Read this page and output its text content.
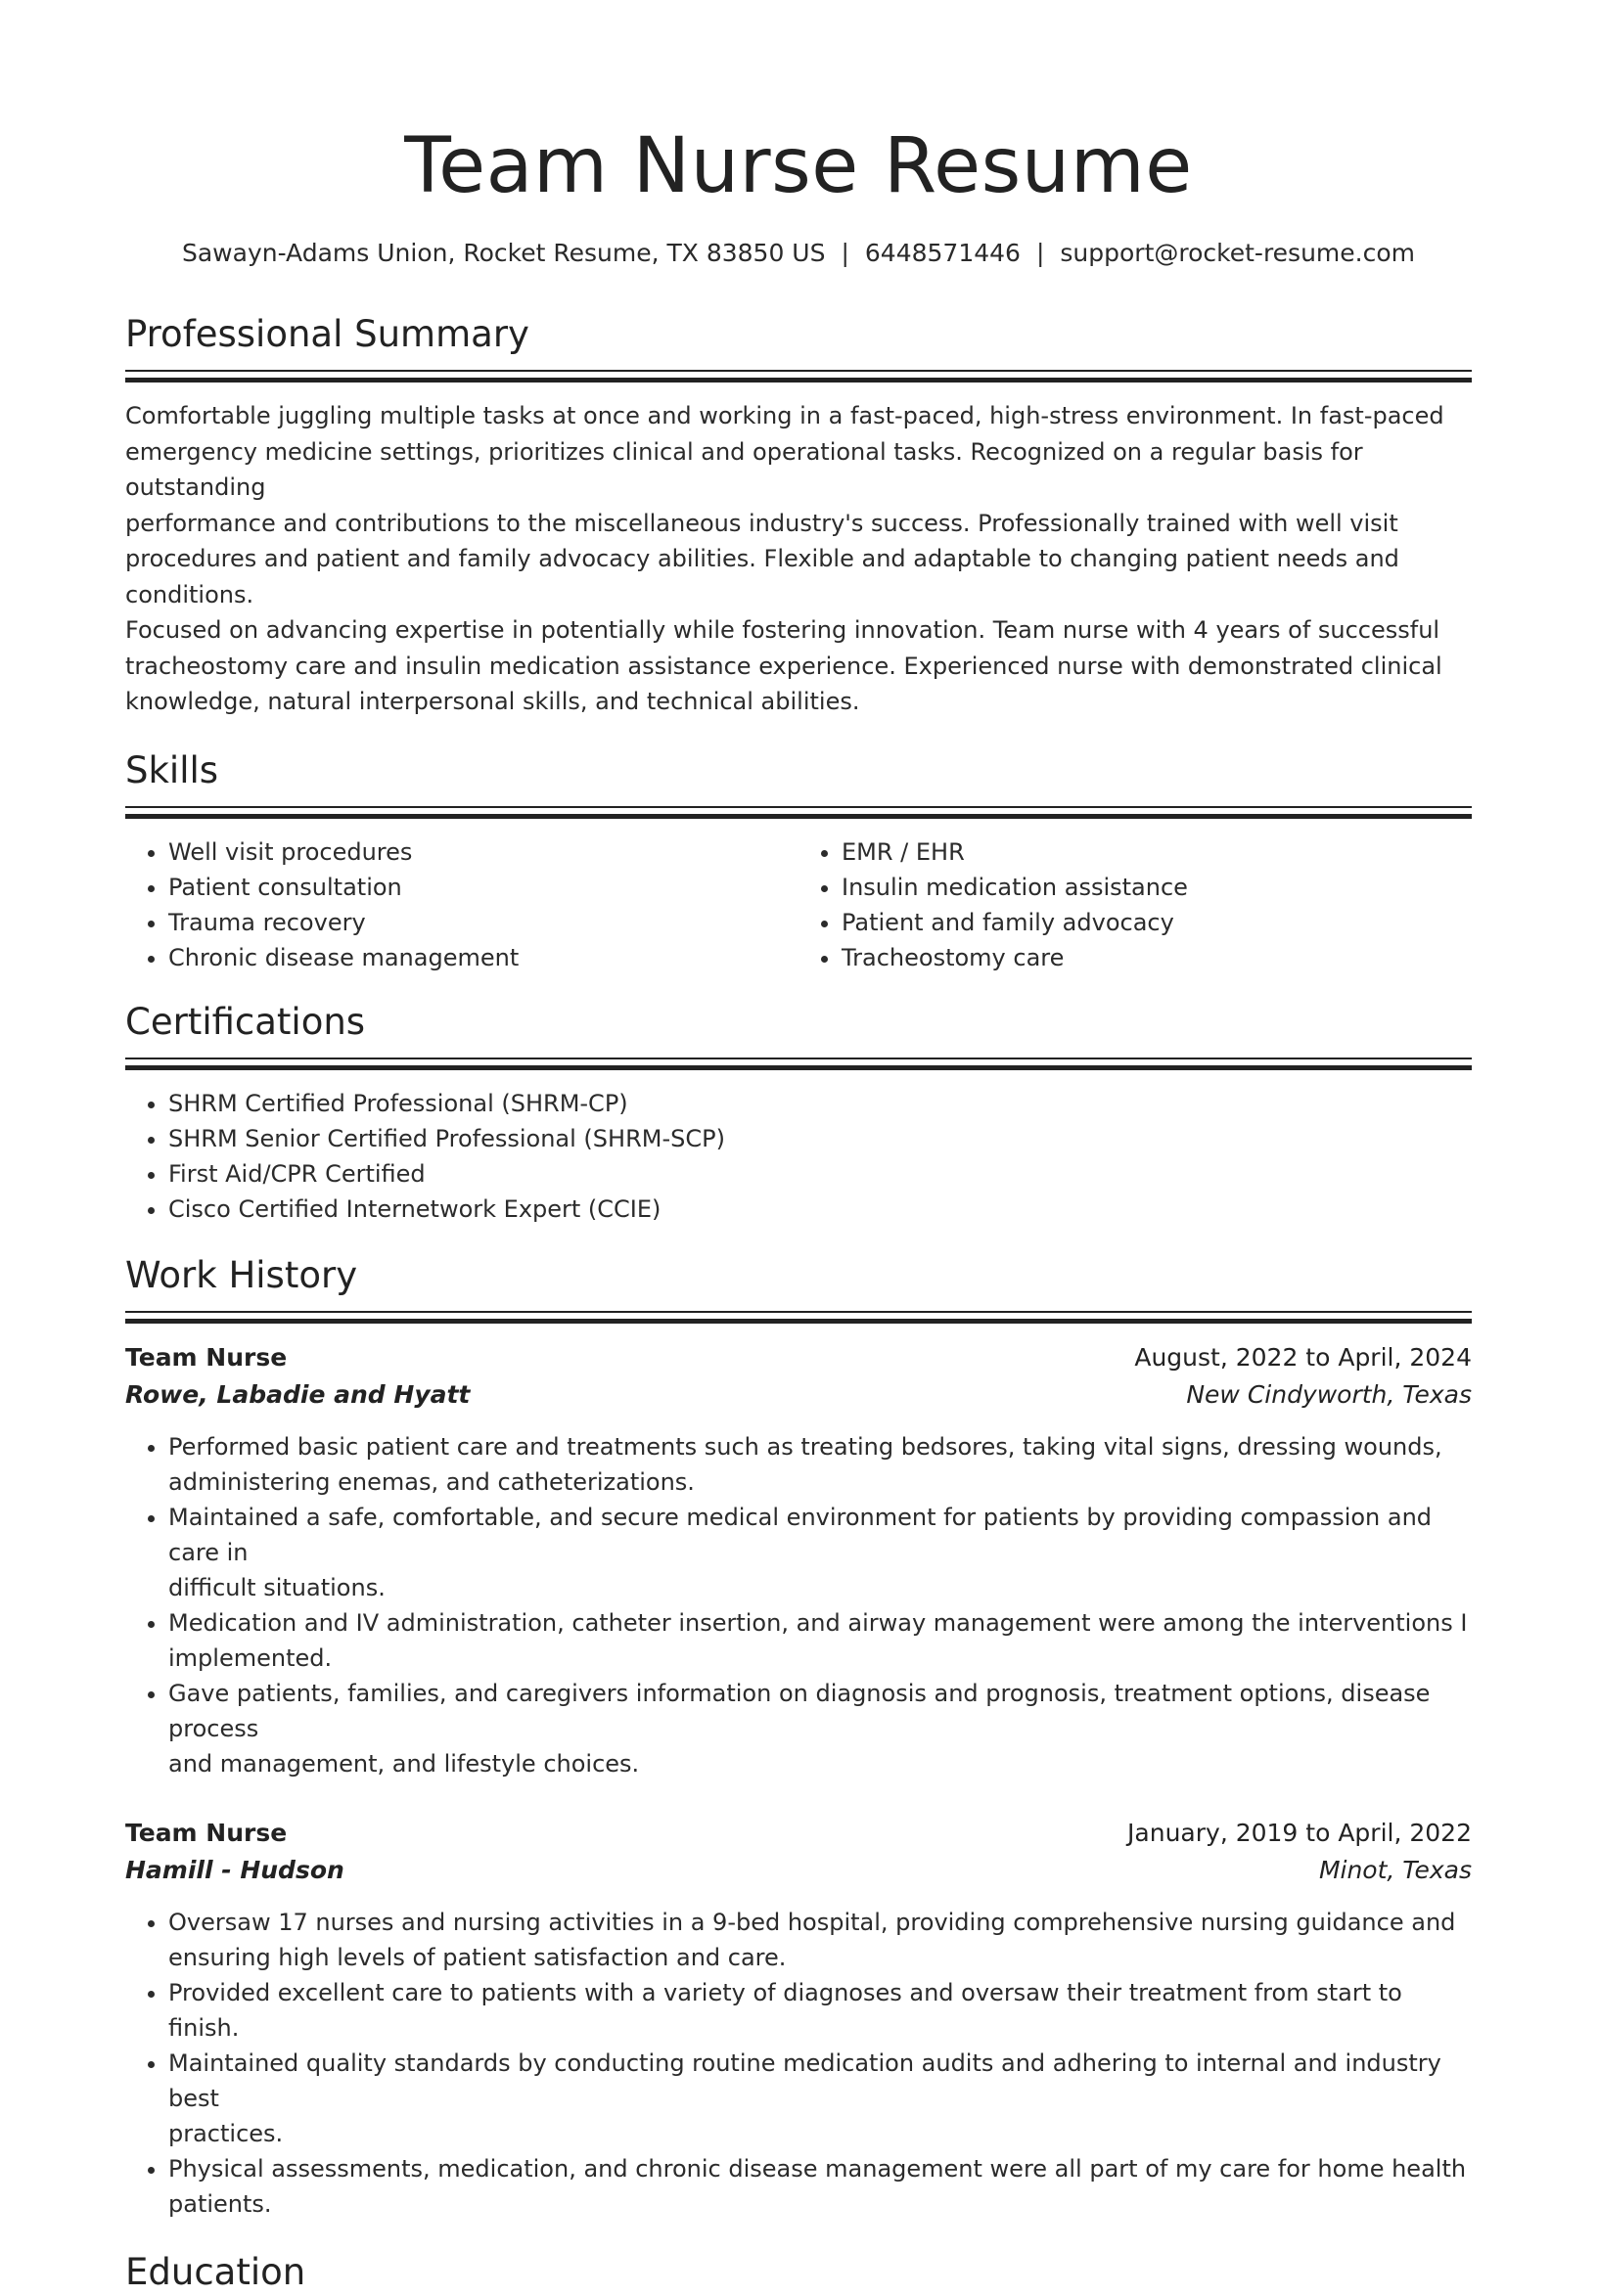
Team Nurse Resume
Sawayn-Adams Union, Rocket Resume, TX 83850 US | 6448571446 | support@rocket-resume.com
Professional Summary

Comfortable juggling multiple tasks at once and working in a fast-paced, high-stress environment. In fast-paced

emergency medicine settings, prioritizes clinical and operational tasks. Recognized on a regular basis for outstanding

performance and contributions to the miscellaneous industry's success. Professionally trained with well visit

procedures and patient and family advocacy abilities. Flexible and adaptable to changing patient needs and conditions.

Focused on advancing expertise in potentially while fostering innovation. Team nurse with 4 years of successful

tracheostomy care and insulin medication assistance experience. Experienced nurse with demonstrated clinical

knowledge, natural interpersonal skills, and technical abilities.

Skills
• Well visit procedures
• Patient consultation
• Trauma recovery
• Chronic disease management
• EMR / EHR
• Insulin medication assistance
• Patient and family advocacy
• Tracheostomy care
Certifications
• SHRM Certified Professional (SHRM-CP)
• SHRM Senior Certified Professional (SHRM-SCP)
• First Aid/CPR Certified
• Cisco Certified Internetwork Expert (CCIE)
Work History
Team Nurse	August, 2022 to April, 2024
Rowe, Labadie and Hyatt	New Cindyworth, Texas
• Performed basic patient care and treatments such as treating bedsores, taking vital signs, dressing wounds,
administering enemas, and catheterizations.
• Maintained a safe, comfortable, and secure medical environment for patients by providing compassion and care in
difficult situations.
• Medication and IV administration, catheter insertion, and airway management were among the interventions I
implemented.
• Gave patients, families, and caregivers information on diagnosis and prognosis, treatment options, disease process
and management, and lifestyle choices.
Team Nurse	January, 2019 to April, 2022
Hamill - Hudson	Minot, Texas
• Oversaw 17 nurses and nursing activities in a 9-bed hospital, providing comprehensive nursing guidance and
ensuring high levels of patient satisfaction and care.
• Provided excellent care to patients with a variety of diagnoses and oversaw their treatment from start to finish.
• Maintained quality standards by conducting routine medication audits and adhering to internal and industry best
practices.
• Physical assessments, medication, and chronic disease management were all part of my care for home health
patients.
Education
